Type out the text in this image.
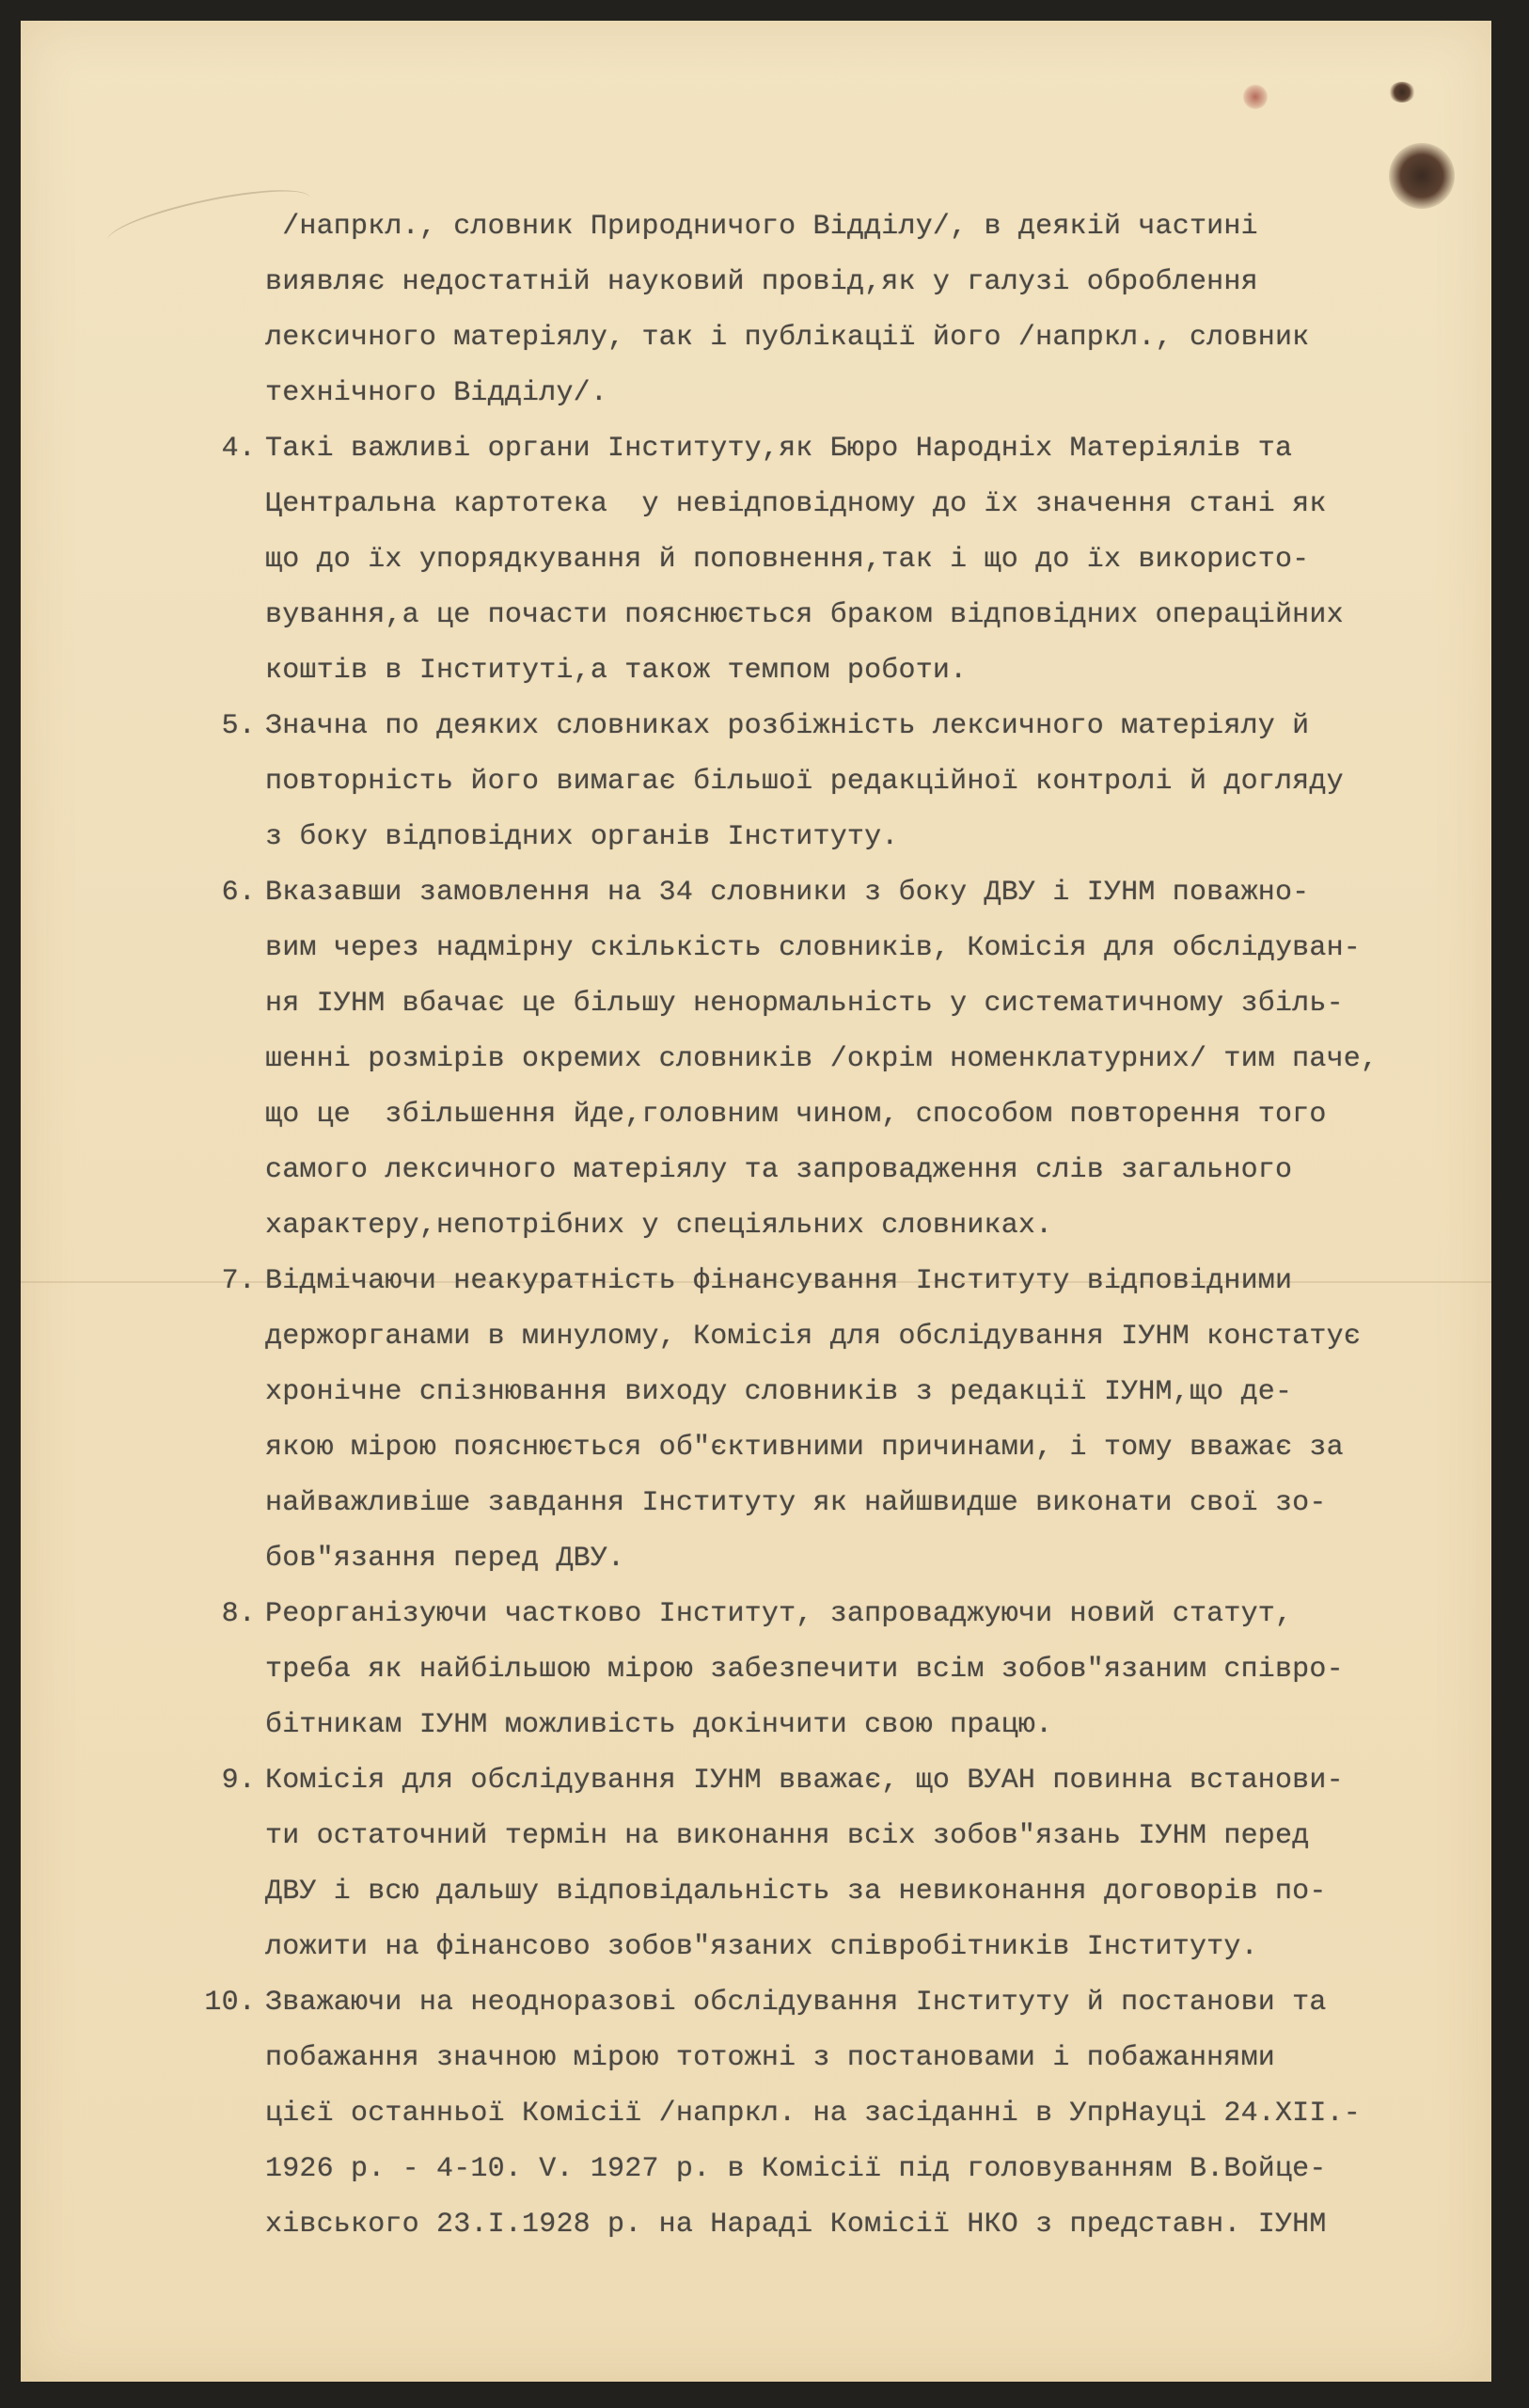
/напркл., словник Природничого Відділу/, в деякій частині
виявляє недостатній науковий провід,як у галузі оброблення
лексичного матеріялу, так і публікації його /напркл., словник
технічного Відділу/.
4. Такі важливі органи Інституту,як Бюро Народніх Матеріялів та
Центральна картотека  у невідповідному до їх значення стані як
що до їх упорядкування й поповнення,так і що до їх використо-
вування,а це почасти пояснюється браком відповідних операційних
коштів в Інституті,а також темпом роботи.
5. Значна по деяких словниках розбіжність лексичного матеріялу й
повторність його вимагає більшої редакційної контролі й догляду
з боку відповідних органів Інституту.
6. Вказавши замовлення на 34 словники з боку ДВУ і ІУНМ поважно-
вим через надмірну скількість словників, Комісія для обслідуван-
ня ІУНМ вбачає це більшу ненормальність у систематичному збіль-
шенні розмірів окремих словників /окрім номенклатурних/ тим паче,
що це  збільшення йде,головним чином, способом повторення того
самого лексичного матеріялу та запровадження слів загального
характеру,непотрібних у спеціяльних словниках.
7. Відмічаючи неакуратність фінансування Інституту відповідними
держорганами в минулому, Комісія для обслідування ІУНМ констатує
хронічне спізнювання виходу словників з редакції ІУНМ,що де-
якою мірою пояснюється об"єктивними причинами, і тому вважає за
найважливіше завдання Інституту як найшвидше виконати свої зо-
бов"язання перед ДВУ.
8. Реорганізуючи частково Інститут, запроваджуючи новий статут,
треба як найбільшою мірою забезпечити всім зобов"язаним співро-
бітникам ІУНМ можливість докінчити свою працю.
9. Комісія для обслідування ІУНМ вважає, що ВУАН повинна встанови-
ти остаточний термін на виконання всіх зобов"язань ІУНМ перед
ДВУ і всю дальшу відповідальність за невиконання договорів по-
ложити на фінансово зобов"язаних співробітників Інституту.
10. Зважаючи на неодноразові обслідування Інституту й постанови та
побажання значною мірою тотожні з постановами і побажаннями
цієї останньої Комісії /напркл. на засіданні в УпрНауці 24.XII.-
1926 р. - 4-10. V. 1927 р. в Комісії під головуванням В.Войце-
хівського 23.I.1928 р. на Нараді Комісії НКО з представн. ІУНМ
